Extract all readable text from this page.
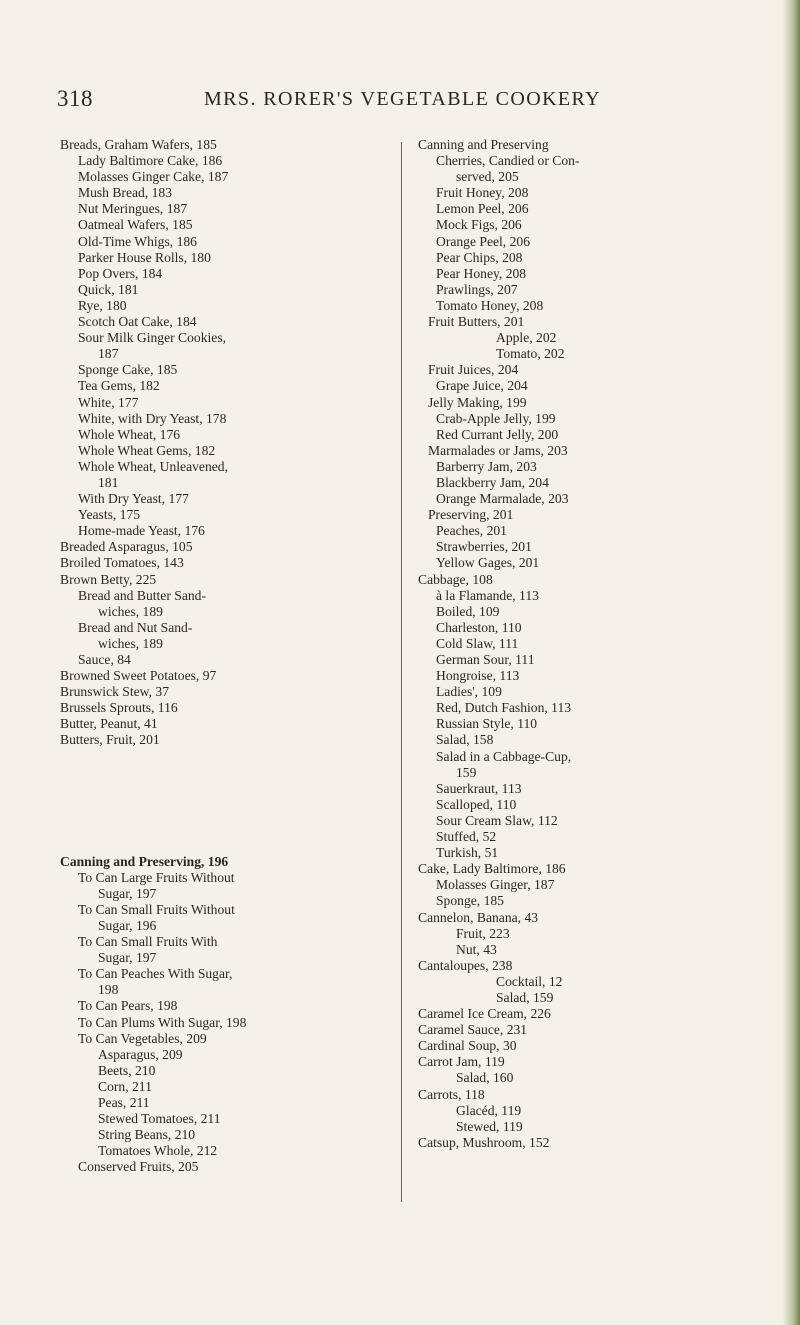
318	MRS. RORER'S VEGETABLE COOKERY
Breads, Graham Wafers, 185
Lady Baltimore Cake, 186
Molasses Ginger Cake, 187
Mush Bread, 183
Nut Meringues, 187
Oatmeal Wafers, 185
Old-Time Whigs, 186
Parker House Rolls, 180
Pop Overs, 184
Quick, 181
Rye, 180
Scotch Oat Cake, 184
Sour Milk Ginger Cookies,
187
Sponge Cake, 185
Tea Gems, 182
White, 177
White, with Dry Yeast, 178
Whole Wheat, 176
Whole Wheat Gems, 182
Whole Wheat, Unleavened,
181
With Dry Yeast, 177
Yeasts, 175
Home-made Yeast, 176
Breaded Asparagus, 105
Broiled Tomatoes, 143
Brown Betty, 225
Bread and Butter Sand-
wiches, 189
Bread and Nut Sand-
wiches, 189
Sauce, 84
Browned Sweet Potatoes, 97
Brunswick Stew, 37
Brussels Sprouts, 116
Butter, Peanut, 41
Butters, Fruit, 201
Canning and Preserving, 196
To Can Large Fruits Without
Sugar, 197
To Can Small Fruits Without
Sugar, 196
To Can Small Fruits With
Sugar, 197
To Can Peaches With Sugar,
198
To Can Pears, 198
To Can Plums With Sugar, 198
To Can Vegetables, 209
Asparagus, 209
Beets, 210
Corn, 211
Peas, 211
Stewed Tomatoes, 211
String Beans, 210
Tomatoes Whole, 212
Conserved Fruits, 205
Canning and Preserving
Cherries, Candied or Con-
served, 205
Fruit Honey, 208
Lemon Peel, 206
Mock Figs, 206
Orange Peel, 206
Pear Chips, 208
Pear Honey, 208
Prawlings, 207
Tomato Honey, 208
Fruit Butters, 201
Apple, 202
Tomato, 202
Fruit Juices, 204
Grape Juice, 204
Jelly Making, 199
Crab-Apple Jelly, 199
Red Currant Jelly, 200
Marmalades or Jams, 203
Barberry Jam, 203
Blackberry Jam, 204
Orange Marmalade, 203
Preserving, 201
Peaches, 201
Strawberries, 201
Yellow Gages, 201
Cabbage, 108
à la Flamande, 113
Boiled, 109
Charleston, 110
Cold Slaw, 111
German Sour, 111
Hongroise, 113
Ladies', 109
Red, Dutch Fashion, 113
Russian Style, 110
Salad, 158
Salad in a Cabbage-Cup,
159
Sauerkraut, 113
Scalloped, 110
Sour Cream Slaw, 112
Stuffed, 52
Turkish, 51
Cake, Lady Baltimore, 186
Molasses Ginger, 187
Sponge, 185
Cannelon, Banana, 43
Fruit, 223
Nut, 43
Cantaloupes, 238
Cocktail, 12
Salad, 159
Caramel Ice Cream, 226
Caramel Sauce, 231
Cardinal Soup, 30
Carrot Jam, 119
Salad, 160
Carrots, 118
Glacéd, 119
Stewed, 119
Catsup, Mushroom, 152
